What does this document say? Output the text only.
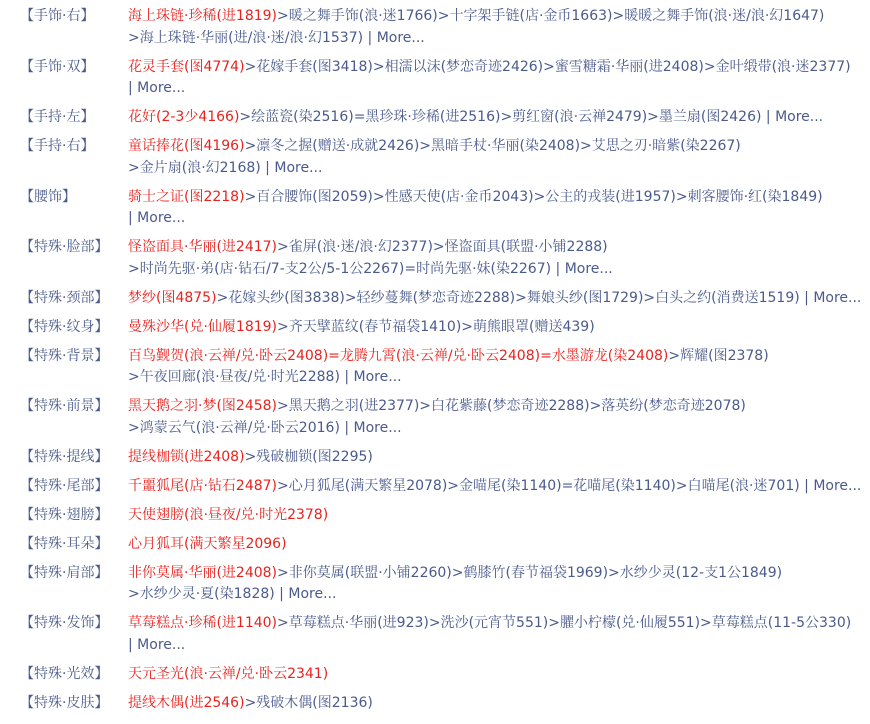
【手饰·右】	海上珠链·珍稀(进1819)>暖之舞手饰(浪·迷1766)>十字架手链(店·金币1663)>暖暖之舞手饰(浪·迷/浪·幻1647)
>海上珠链·华丽(进/浪·迷/浪·幻1537) | More...
【手饰·双】	花灵手套(图4774)>花嫁手套(图3418)>相濡以沫(梦恋奇迹2426)>蜜雪糖霜·华丽(进2408)>金叶缎带(浪·迷2377)
| More...
【手持·左】	花好(2-3少4166)>绘蓝瓷(染2516)=黑珍珠·珍稀(进2516)>剪红窗(浪·云禅2479)>墨兰扇(图2426) | More...
【手持·右】	童话捧花(图4196)>凛冬之握(赠送·成就2426)>黑暗手杖·华丽(染2408)>艾思之刃·暗紫(染2267)
>金片扇(浪·幻2168) | More...
【腰饰】	骑士之证(图2218)>百合腰饰(图2059)>性感天使(店·金币2043)>公主的戎装(进1957)>刺客腰饰·红(染1849)
| More...
【特殊·脸部】	怪盗面具·华丽(进2417)>雀屏(浪·迷/浪·幻2377)>怪盗面具(联盟·小铺2288)
>时尚先驱·弟(店·钻石/7-支2公/5-1公2267)=时尚先驱·妹(染2267) | More...
【特殊·颈部】	梦纱(图4875)>花嫁头纱(图3838)>轻纱蔓舞(梦恋奇迹2288)>舞娘头纱(图1729)>白头之约(消费送1519) | More...
【特殊·纹身】	曼殊沙华(兑·仙履1819)>齐天擘蓝纹(春节福袋1410)>萌熊眼罩(赠送439)
【特殊·背景】	百鸟觐贺(浪·云禅/兑·卧云2408)=龙腾九霄(浪·云禅/兑·卧云2408)=水墨游龙(染2408)>辉耀(图2378)
>午夜回廊(浪·昼夜/兑·时光2288) | More...
【特殊·前景】	黑天鹅之羽·梦(图2458)>黑天鹅之羽(进2377)>白花紫藤(梦恋奇迹2288)>落英纷(梦恋奇迹2078)
>鸿蒙云气(浪·云禅/兑·卧云2016) | More...
【特殊·提线】	提线枷锁(进2408)>残破枷锁(图2295)
【特殊·尾部】	千噩狐尾(店·钻石2487)>心月狐尾(满天繁星2078)>金喵尾(染1140)=花喵尾(染1140)>白喵尾(浪·迷701) | More...
【特殊·翅膀】	天使翅膀(浪·昼夜/兑·时光2378)
【特殊·耳朵】	心月狐耳(满天繁星2096)
【特殊·肩部】	非你莫属·华丽(进2408)>非你莫属(联盟·小铺2260)>鹤膝竹(春节福袋1969)>水纱少灵(12-支1公1849)
>水纱少灵·夏(染1828) | More...
【特殊·发饰】	草莓糕点·珍稀(进1140)>草莓糕点·华丽(进923)>洗沙(元宵节551)>臞小柠檬(兑·仙履551)>草莓糕点(11-5公330)
| More...
【特殊·光效】	天元圣光(浪·云禅/兑·卧云2341)
【特殊·皮肤】	提线木偶(进2546)>残破木偶(图2136)
